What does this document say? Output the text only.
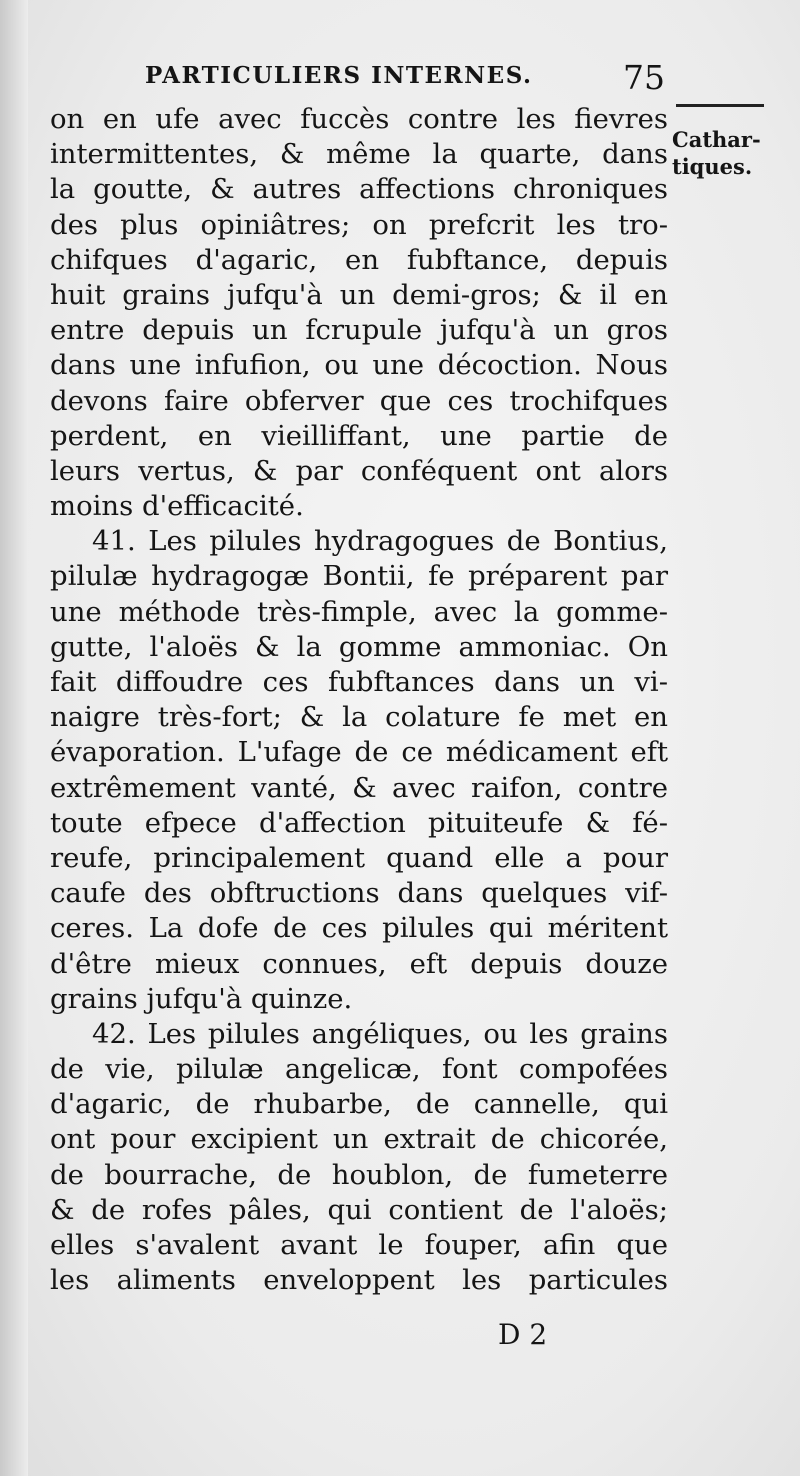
PARTICULIERS INTERNES.	75
Cathar-
tiques.
on en ufe avec fuccès contre les fievres
intermittentes, & même la quarte, dans
la goutte, & autres affections chroniques
des plus opiniâtres; on prefcrit les tro-
chifques d'agaric, en fubftance, depuis
huit grains jufqu'à un demi-gros; & il en
entre depuis un fcrupule jufqu'à un gros
dans une infufion, ou une décoction. Nous
devons faire obferver que ces trochifques
perdent, en vieilliffant, une partie de
leurs vertus, & par conféquent ont alors
moins d'efficacité.
41. Les pilules hydragogues de Bontius,
pilulæ hydragogæ Bontii, fe préparent par
une méthode très-fimple, avec la gomme-
gutte, l'aloës & la gomme ammoniac. On
fait diffoudre ces fubftances dans un vi-
naigre très-fort; & la colature fe met en
évaporation. L'ufage de ce médicament eft
extrêmement vanté, & avec raifon, contre
toute efpece d'affection pituiteufe & fé-
reufe, principalement quand elle a pour
caufe des obftructions dans quelques vif-
ceres. La dofe de ces pilules qui méritent
d'être mieux connues, eft depuis douze
grains jufqu'à quinze.
42. Les pilules angéliques, ou les grains
de vie, pilulæ angelicæ, font compofées
d'agaric, de rhubarbe, de cannelle, qui
ont pour excipient un extrait de chicorée,
de bourrache, de houblon, de fumeterre
& de rofes pâles, qui contient de l'aloës;
elles s'avalent avant le fouper, afin que
les aliments enveloppent les particules
D 2
